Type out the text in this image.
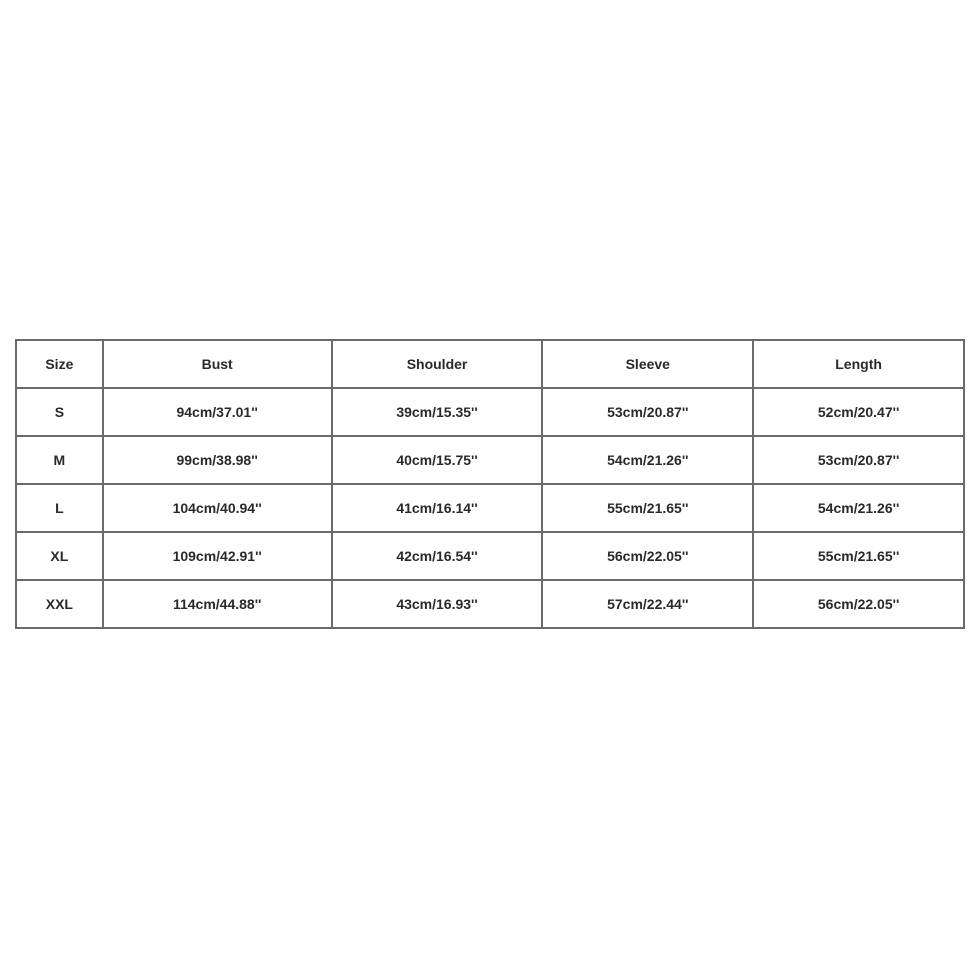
Size	Bust	Shoulder	Sleeve	Length
S	94cm/37.01''	39cm/15.35''	53cm/20.87''	52cm/20.47''
M	99cm/38.98''	40cm/15.75''	54cm/21.26''	53cm/20.87''
L	104cm/40.94''	41cm/16.14''	55cm/21.65''	54cm/21.26''
XL	109cm/42.91''	42cm/16.54''	56cm/22.05''	55cm/21.65''
XXL	114cm/44.88''	43cm/16.93''	57cm/22.44''	56cm/22.05''
